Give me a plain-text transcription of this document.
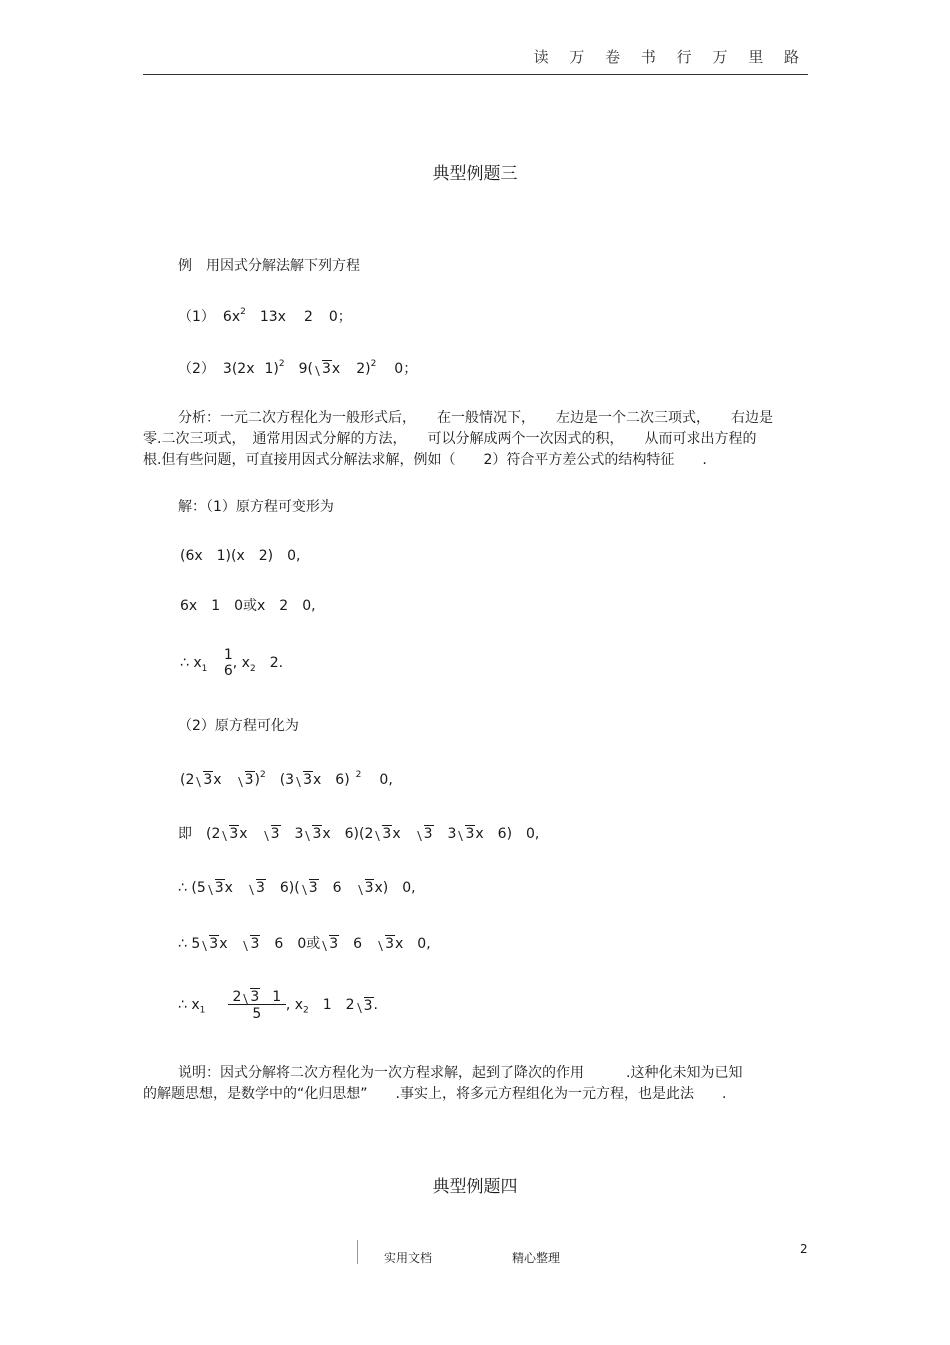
读 万 卷 书 行 万 里 路
典型例题三
例　用因式分解法解下列方程
（1） $6x^2$ 13x 2 0；
（2） 3(2x 1)$^2$ 9( 3x 2)$^2$ 0；
分析：一元二次方程化为一般形式后，　　在一般情况下，　　左边是一个二次三项式，　　右边是
零.二次三项式，　通常用因式分解的方法，　　可以分解成两个一次因式的积，　　从而可求出方程的
根.但有些问题，可直接用因式分解法求解，例如（　　2）符合平方差公式的结构特征　　.
解：（1）原方程可变形为
(6x　1)(x　2)　0,
6x　1　0或x　2　0,
∴ $x_1$
1
6 , $x_2$ 2.
（2）原方程可化为
(2 3x 3)$^2$ (3 3x　6) $^2$ 0,
即　(2 3x 3 3 3x　6)(2 3x 3 3 3x　6)　0,
∴ (5 3x 3 6)( 3 6 3x)　0,
∴ 5 3x 3 6　0或 3 6 3x　0,
∴ $x_1 \frac{2 3 1}{5}$ , $x_2$ 1　2 3.
说明：因式分解将二次方程化为一次方程求解，起到了降次的作用　　　.这种化未知为已知
的解题思想，是数学中的“化归思想”　　.事实上，将多元方程组化为一元方程，也是此法　　.
典型例题四
实用文档	精心整理
2
